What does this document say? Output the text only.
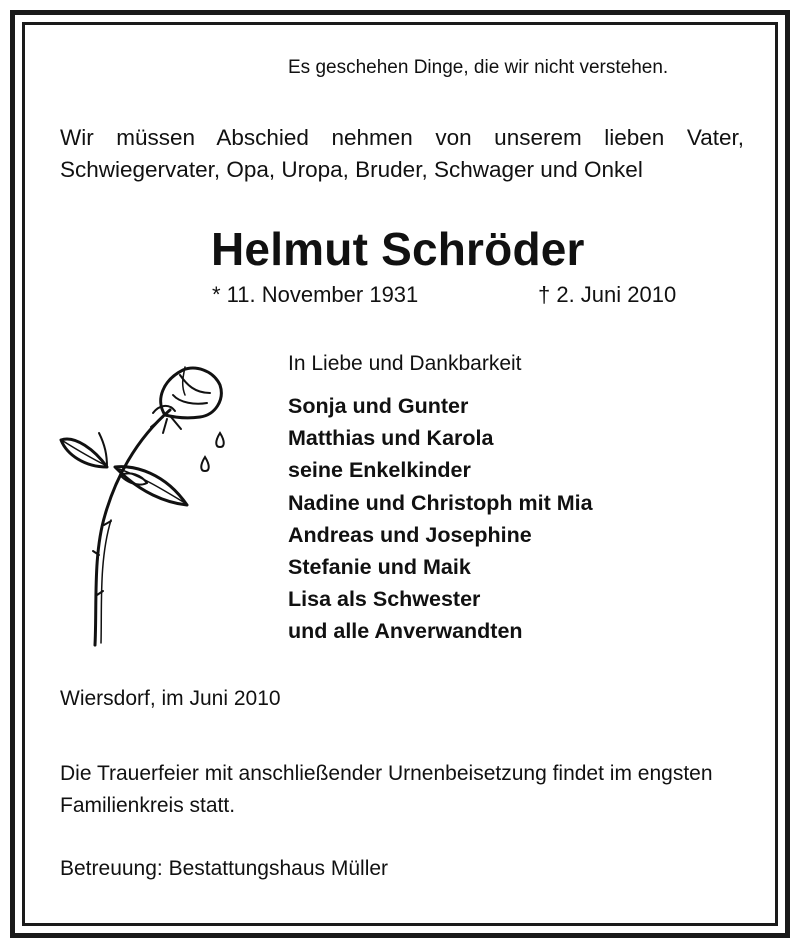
Es geschehen Dinge, die wir nicht verstehen.
Wir müssen Abschied nehmen von unserem lieben Vater,
Schwiegervater, Opa, Uropa, Bruder, Schwager und Onkel
Helmut Schröder
* 11. November 1931	† 2. Juni 2010
In Liebe und Dankbarkeit
Sonja und Gunter
Matthias und Karola
seine Enkelkinder
Nadine und Christoph mit Mia
Andreas und Josephine
Stefanie und Maik
Lisa als Schwester
und alle Anverwandten
Wiersdorf, im Juni 2010
Die Trauerfeier mit anschließender Urnenbeisetzung findet im engsten Familienkreis statt.
Betreuung: Bestattungshaus Müller
